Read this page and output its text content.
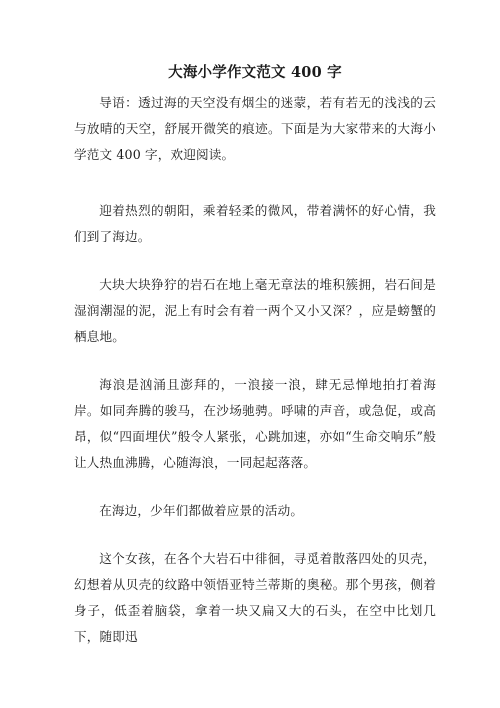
大海小学作文范文 400 字

导语：透过海的天空没有烟尘的迷蒙，若有若无的浅浅的云与放晴的天空，舒展开微笑的痕迹。下面是为大家带来的大海小学范文 400 字，欢迎阅读。

迎着热烈的朝阳，乘着轻柔的微风，带着满怀的好心情，我们到了海边。

大块大块狰狞的岩石在地上毫无章法的堆积簇拥，岩石间是湿润潮湿的泥，泥上有时会有着一两个又小又深？，应是螃蟹的栖息地。

海浪是汹涌且澎拜的，一浪接一浪，肆无忌惮地拍打着海岸。如同奔腾的骏马，在沙场驰骋。呼啸的声音，或急促，或高昂，似“四面埋伏”般令人紧张，心跳加速，亦如“生命交响乐”般让人热血沸腾，心随海浪，一同起起落落。

在海边，少年们都做着应景的活动。

这个女孩，在各个大岩石中徘徊，寻觅着散落四处的贝壳，幻想着从贝壳的纹路中领悟亚特兰蒂斯的奥秘。那个男孩，侧着身子，低歪着脑袋，拿着一块又扁又大的石头，在空中比划几下，随即迅
